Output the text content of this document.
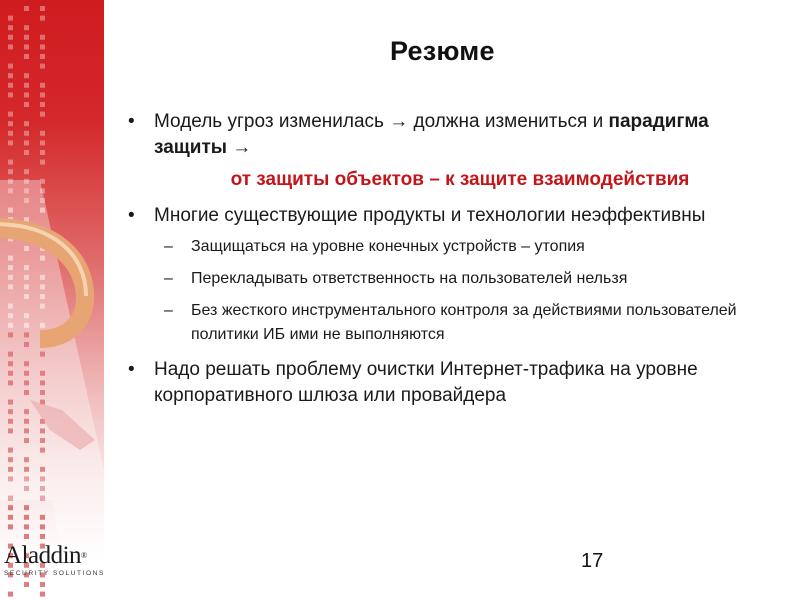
Aladdin®
SECURITY SOLUTIONS
Резюме
• Модель угроз изменилась → должна измениться и парадигма защиты →
от защиты объектов – к защите взаимодействия
• Многие существующие продукты и технологии неэффективны
– Защищаться на уровне конечных устройств – утопия
– Перекладывать ответственность на пользователей нельзя
– Без жесткого инструментального контроля за действиями пользователей политики ИБ ими не выполняются
• Надо решать проблему очистки Интернет-трафика на уровне корпоративного шлюза или провайдера
17
